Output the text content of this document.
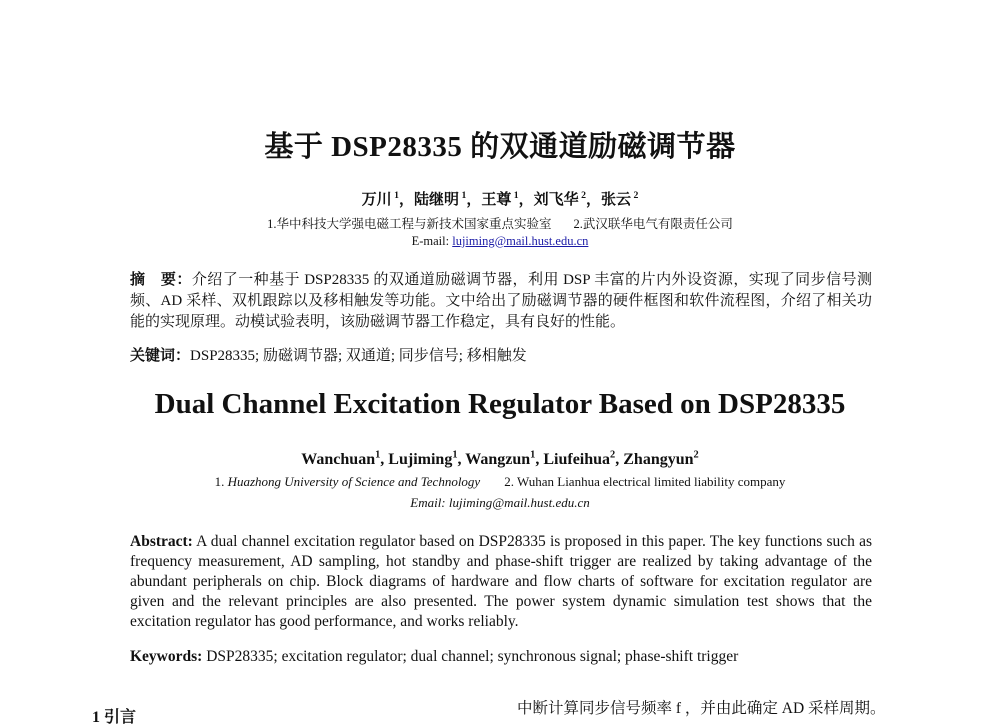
基于 DSP28335 的双通道励磁调节器
万川 $^1$，陆继明 $^1$，王尊 $^1$，刘飞华 $^2$，张云 $^2$
1.华中科技大学强电磁工程与新技术国家重点实验室 2.武汉联华电气有限责任公司
E-mail: lujiming@mail.hust.edu.cn
摘　要：介绍了一种基于 DSP28335 的双通道励磁调节器，利用 DSP 丰富的片内外设资源，实现了同步信号测频、AD 采样、双机跟踪以及移相触发等功能。文中给出了励磁调节器的硬件框图和软件流程图，介绍了相关功能的实现原理。动模试验表明，该励磁调节器工作稳定，具有良好的性能。
关键词：DSP28335; 励磁调节器; 双通道; 同步信号; 移相触发
Dual Channel Excitation Regulator Based on DSP28335
Wanchuan$^1$, Lujiming$^1$, Wangzun$^1$, Liufeihua$^2$, Zhangyun$^2$
1. Huazhong University of Science and Technology 2. Wuhan Lianhua electrical limited liability company
Email: lujiming@mail.hust.edu.cn
Abstract: A dual channel excitation regulator based on DSP28335 is proposed in this paper. The key functions such as frequency measurement, AD sampling, hot standby and phase-shift trigger are realized by taking advantage of the abundant peripherals on chip. Block diagrams of hardware and flow charts of software for excitation regulator are given and the relevant principles are also presented. The power system dynamic simulation test shows that the excitation regulator has good performance, and works reliably.
Keywords: DSP28335; excitation regulator; dual channel; synchronous signal; phase-shift trigger
1 引言
中断计算同步信号频率 f ，并由此确定 AD 采样周期。
